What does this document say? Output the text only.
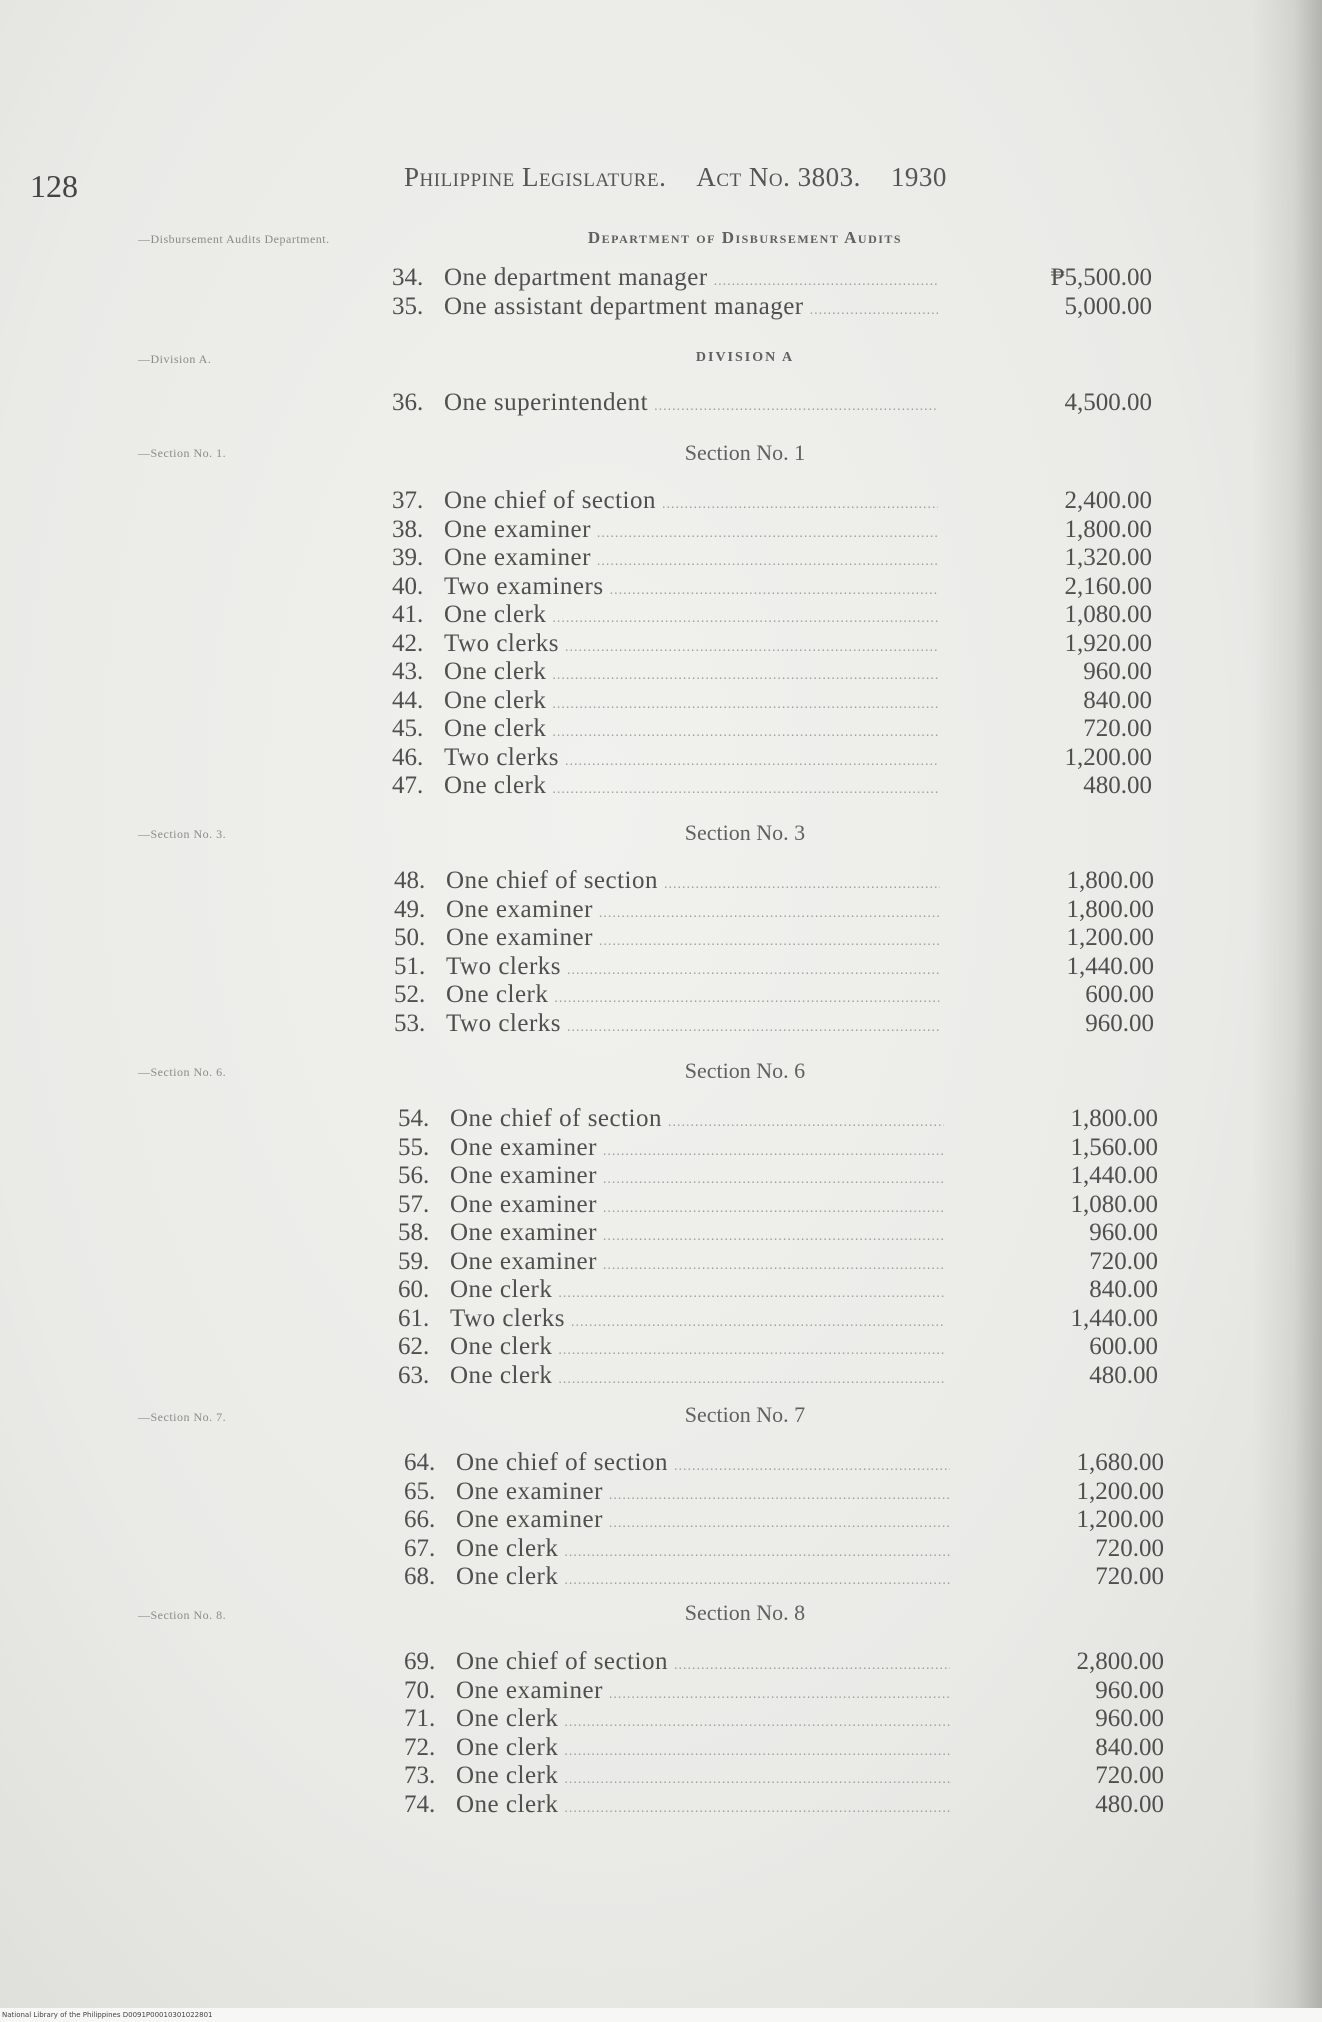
128	Philippine Legislature. Act No. 3803. 1930
—Disbursement Audits Department.	Department of Disbursement Audits
34. One department manager .....	₱5,500.00
35. One assistant department manager .....	5,000.00
—Division A.	DIVISION A
36. One superintendent .....	4,500.00
—Section No. 1.	Section No. 1
37. One chief of section .....	2,400.00
38. One examiner .....	1,800.00
39. One examiner .....	1,320.00
40. Two examiners .....	2,160.00
41. One clerk .....	1,080.00
42. Two clerks .....	1,920.00
43. One clerk .....	960.00
44. One clerk .....	840.00
45. One clerk .....	720.00
46. Two clerks .....	1,200.00
47. One clerk .....	480.00
—Section No. 3.	Section No. 3
48. One chief of section .....	1,800.00
49. One examiner .....	1,800.00
50. One examiner .....	1,200.00
51. Two clerks .....	1,440.00
52. One clerk .....	600.00
53. Two clerks .....	960.00
—Section No. 6.	Section No. 6
54. One chief of section .....	1,800.00
55. One examiner .....	1,560.00
56. One examiner .....	1,440.00
57. One examiner .....	1,080.00
58. One examiner .....	960.00
59. One examiner .....	720.00
60. One clerk .....	840.00
61. Two clerks .....	1,440.00
62. One clerk .....	600.00
63. One clerk .....	480.00
—Section No. 7.	Section No. 7
64. One chief of section .....	1,680.00
65. One examiner .....	1,200.00
66. One examiner .....	1,200.00
67. One clerk .....	720.00
68. One clerk .....	720.00
—Section No. 8.	Section No. 8
69. One chief of section .....	2,800.00
70. One examiner .....	960.00
71. One clerk .....	960.00
72. One clerk .....	840.00
73. One clerk .....	720.00
74. One clerk .....	480.00
National Library of the Philippines D0091P00010301022801
